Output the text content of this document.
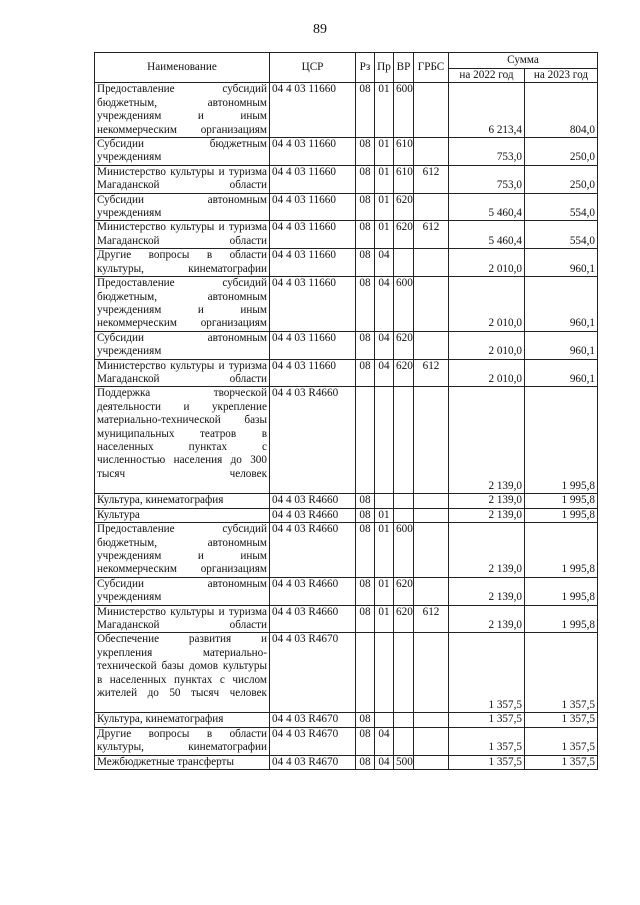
89
Наименование	ЦСР	Рз	Пр	ВР	ГРБС	Сумма	
						на 2022 год	на 2023 год
Предоставление субсидий бюджетным, автономным учреждениям и иным некоммерческим организациям	04 4 03 11660	08	01	600		6 213,4	804,0
Субсидии бюджетным учреждениям	04 4 03 11660	08	01	610		753,0	250,0
Министерство культуры и туризма Магаданской области	04 4 03 11660	08	01	610	612	753,0	250,0
Субсидии автономным учреждениям	04 4 03 11660	08	01	620		5 460,4	554,0
Министерство культуры и туризма Магаданской области	04 4 03 11660	08	01	620	612	5 460,4	554,0
Другие вопросы в области культуры, кинематографии	04 4 03 11660	08	04			2 010,0	960,1
Предоставление субсидий бюджетным, автономным учреждениям и иным некоммерческим организациям	04 4 03 11660	08	04	600		2 010,0	960,1
Субсидии автономным учреждениям	04 4 03 11660	08	04	620		2 010,0	960,1
Министерство культуры и туризма Магаданской области	04 4 03 11660	08	04	620	612	2 010,0	960,1
Поддержка творческой деятельности и укрепление материально-технической базы муниципальных театров в населенных пунктах с численностью населения до 300 тысяч человек	04 4 03 R4660					2 139,0	1 995,8
Культура, кинематография	04 4 03 R4660	08				2 139,0	1 995,8
Культура	04 4 03 R4660	08	01			2 139,0	1 995,8
Предоставление субсидий бюджетным, автономным учреждениям и иным некоммерческим организациям	04 4 03 R4660	08	01	600		2 139,0	1 995,8
Субсидии автономным учреждениям	04 4 03 R4660	08	01	620		2 139,0	1 995,8
Министерство культуры и туризма Магаданской области	04 4 03 R4660	08	01	620	612	2 139,0	1 995,8
Обеспечение развития и укрепления материально-технической базы домов культуры в населенных пунктах с числом жителей до 50 тысяч человек	04 4 03 R4670					1 357,5	1 357,5
Культура, кинематография	04 4 03 R4670	08				1 357,5	1 357,5
Другие вопросы в области культуры, кинематографии	04 4 03 R4670	08	04			1 357,5	1 357,5
Межбюджетные трансферты	04 4 03 R4670	08	04	500		1 357,5	1 357,5
